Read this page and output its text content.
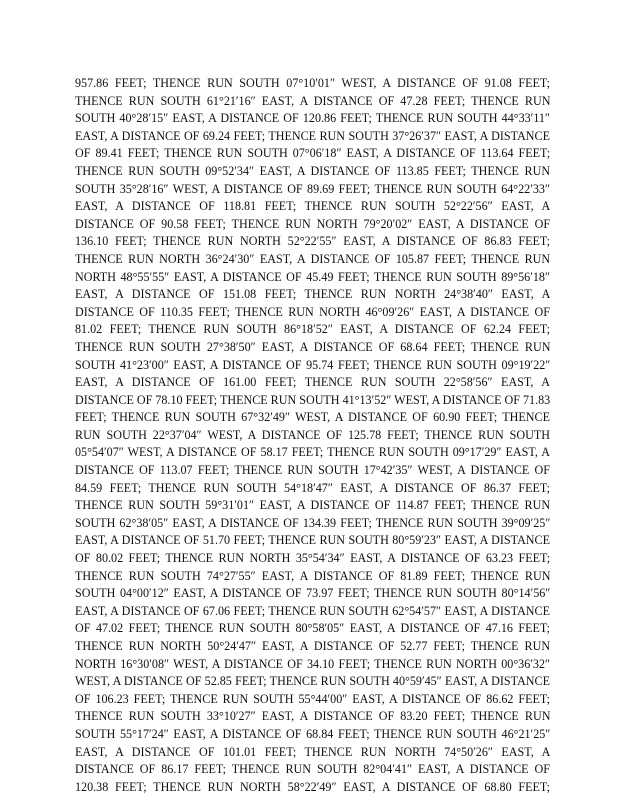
957.86 FEET; THENCE RUN SOUTH 07°10′01″ WEST, A DISTANCE OF 91.08 FEET;
THENCE RUN SOUTH 61°21′16″ EAST, A DISTANCE OF 47.28 FEET; THENCE RUN
SOUTH 40°28′15″ EAST, A DISTANCE OF 120.86 FEET; THENCE RUN SOUTH 44°33′11″
EAST, A DISTANCE OF 69.24 FEET; THENCE RUN SOUTH 37°26′37″ EAST, A DISTANCE
OF 89.41 FEET; THENCE RUN SOUTH 07°06′18″ EAST, A DISTANCE OF 113.64 FEET;
THENCE RUN SOUTH 09°52′34″ EAST, A DISTANCE OF 113.85 FEET; THENCE RUN
SOUTH 35°28′16″ WEST, A DISTANCE OF 89.69 FEET; THENCE RUN SOUTH 64°22′33″
EAST, A DISTANCE OF 118.81 FEET; THENCE RUN SOUTH 52°22′56″ EAST, A
DISTANCE OF 90.58 FEET; THENCE RUN NORTH 79°20′02″ EAST, A DISTANCE OF
136.10 FEET; THENCE RUN NORTH 52°22′55″ EAST, A DISTANCE OF 86.83 FEET;
THENCE RUN NORTH 36°24′30″ EAST, A DISTANCE OF 105.87 FEET; THENCE RUN
NORTH 48°55′55″ EAST, A DISTANCE OF 45.49 FEET; THENCE RUN SOUTH 89°56′18″
EAST, A DISTANCE OF 151.08 FEET; THENCE RUN NORTH 24°38′40″ EAST, A
DISTANCE OF 110.35 FEET; THENCE RUN NORTH 46°09′26″ EAST, A DISTANCE OF
81.02 FEET; THENCE RUN SOUTH 86°18′52″ EAST, A DISTANCE OF 62.24 FEET;
THENCE RUN SOUTH 27°38′50″ EAST, A DISTANCE OF 68.64 FEET; THENCE RUN
SOUTH 41°23′00″ EAST, A DISTANCE OF 95.74 FEET; THENCE RUN SOUTH 09°19′22″
EAST, A DISTANCE OF 161.00 FEET; THENCE RUN SOUTH 22°58′56″ EAST, A
DISTANCE OF 78.10 FEET; THENCE RUN SOUTH 41°13′52″ WEST, A DISTANCE OF 71.83
FEET; THENCE RUN SOUTH 67°32′49″ WEST, A DISTANCE OF 60.90 FEET; THENCE
RUN SOUTH 22°37′04″ WEST, A DISTANCE OF 125.78 FEET; THENCE RUN SOUTH
05°54′07″ WEST, A DISTANCE OF 58.17 FEET; THENCE RUN SOUTH 09°17′29″ EAST, A
DISTANCE OF 113.07 FEET; THENCE RUN SOUTH 17°42′35″ WEST, A DISTANCE OF
84.59 FEET; THENCE RUN SOUTH 54°18′47″ EAST, A DISTANCE OF 86.37 FEET;
THENCE RUN SOUTH 59°31′01″ EAST, A DISTANCE OF 114.87 FEET; THENCE RUN
SOUTH 62°38′05″ EAST, A DISTANCE OF 134.39 FEET; THENCE RUN SOUTH 39°09′25″
EAST, A DISTANCE OF 51.70 FEET; THENCE RUN SOUTH 80°59′23″ EAST, A DISTANCE
OF 80.02 FEET; THENCE RUN NORTH 35°54′34″ EAST, A DISTANCE OF 63.23 FEET;
THENCE RUN SOUTH 74°27′55″ EAST, A DISTANCE OF 81.89 FEET; THENCE RUN
SOUTH 04°00′12″ EAST, A DISTANCE OF 73.97 FEET; THENCE RUN SOUTH 80°14′56″
EAST, A DISTANCE OF 67.06 FEET; THENCE RUN SOUTH 62°54′57″ EAST, A DISTANCE
OF 47.02 FEET; THENCE RUN SOUTH 80°58′05″ EAST, A DISTANCE OF 47.16 FEET;
THENCE RUN NORTH 50°24′47″ EAST, A DISTANCE OF 52.77 FEET; THENCE RUN
NORTH 16°30′08″ WEST, A DISTANCE OF 34.10 FEET; THENCE RUN NORTH 00°36′32″
WEST, A DISTANCE OF 52.85 FEET; THENCE RUN SOUTH 40°59′45″ EAST, A DISTANCE
OF 106.23 FEET; THENCE RUN SOUTH 55°44′00″ EAST, A DISTANCE OF 86.62 FEET;
THENCE RUN SOUTH 33°10′27″ EAST, A DISTANCE OF 83.20 FEET; THENCE RUN
SOUTH 55°17′24″ EAST, A DISTANCE OF 68.84 FEET; THENCE RUN SOUTH 46°21′25″
EAST, A DISTANCE OF 101.01 FEET; THENCE RUN NORTH 74°50′26″ EAST, A
DISTANCE OF 86.17 FEET; THENCE RUN SOUTH 82°04′41″ EAST, A DISTANCE OF
120.38 FEET; THENCE RUN NORTH 58°22′49″ EAST, A DISTANCE OF 68.80 FEET;
